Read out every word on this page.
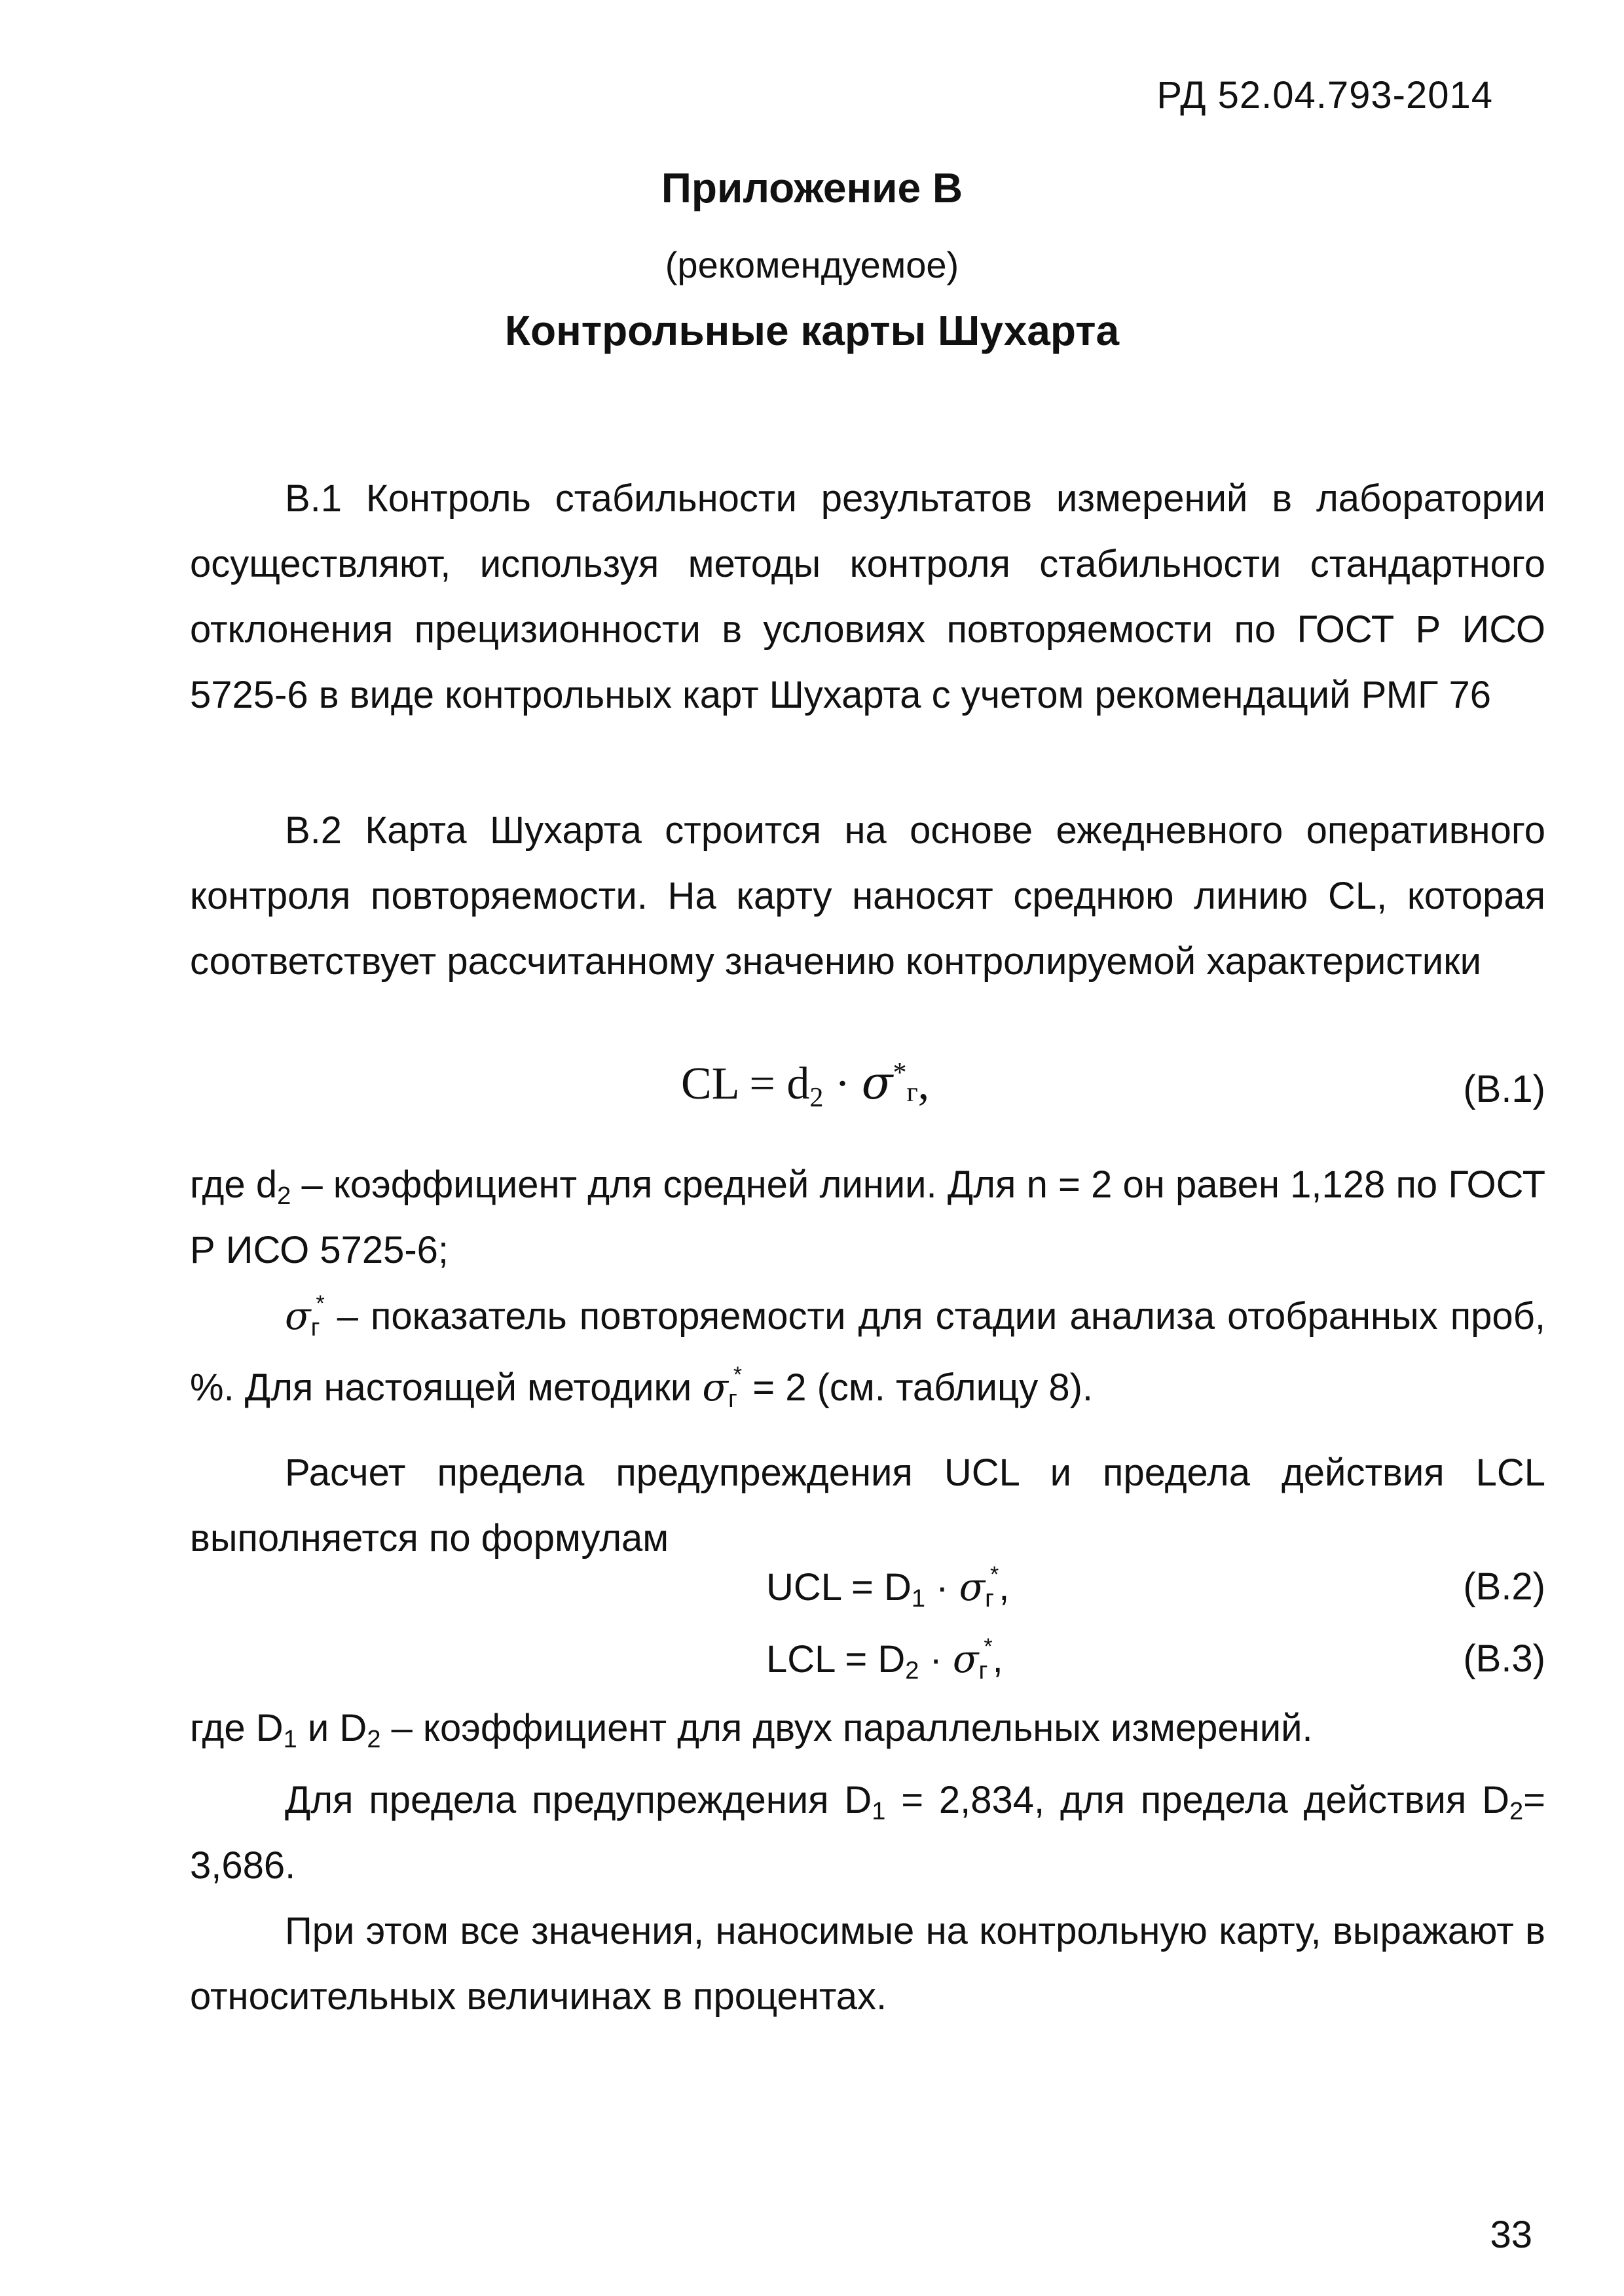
РД 52.04.793-2014
Приложение В
(рекомендуемое)
Контрольные карты Шухарта
В.1 Контроль стабильности результатов измерений в лаборатории осуществляют, используя методы контроля стабильности стандартного отклонения прецизионности в условиях повторяемости по ГОСТ Р ИСО 5725-6 в виде контрольных карт Шухарта с учетом рекомендаций РМГ 76
В.2 Карта Шухарта строится на основе ежедневного оперативного контроля повторяемости. На карту наносят среднюю линию CL, которая соответствует рассчитанному значению контролируемой характеристики
CL = d2 · σ*г,	(В.1)
где $d_2$ – коэффициент для средней линии. Для n = 2 он равен 1,128 по ГОСТ Р ИСО 5725-6;
$\sigma_г^*$ – показатель повторяемости для стадии анализа отобранных проб, %. Для настоящей методики $\sigma_г^* = 2$ (см. таблицу 8).
Расчет предела предупреждения UCL и предела действия LCL выполняется по формулам
UCL = $D_1 \cdot \sigma_г^*$,	(В.2)
LCL = $D_2 \cdot \sigma_г^*$,	(В.3)
где $D_1$ и $D_2$ – коэффициент для двух параллельных измерений.
Для предела предупреждения $D_1 = 2,834$, для предела действия $D_2= 3,686$.
При этом все значения, наносимые на контрольную карту, выражают в относительных величинах в процентах.
33
